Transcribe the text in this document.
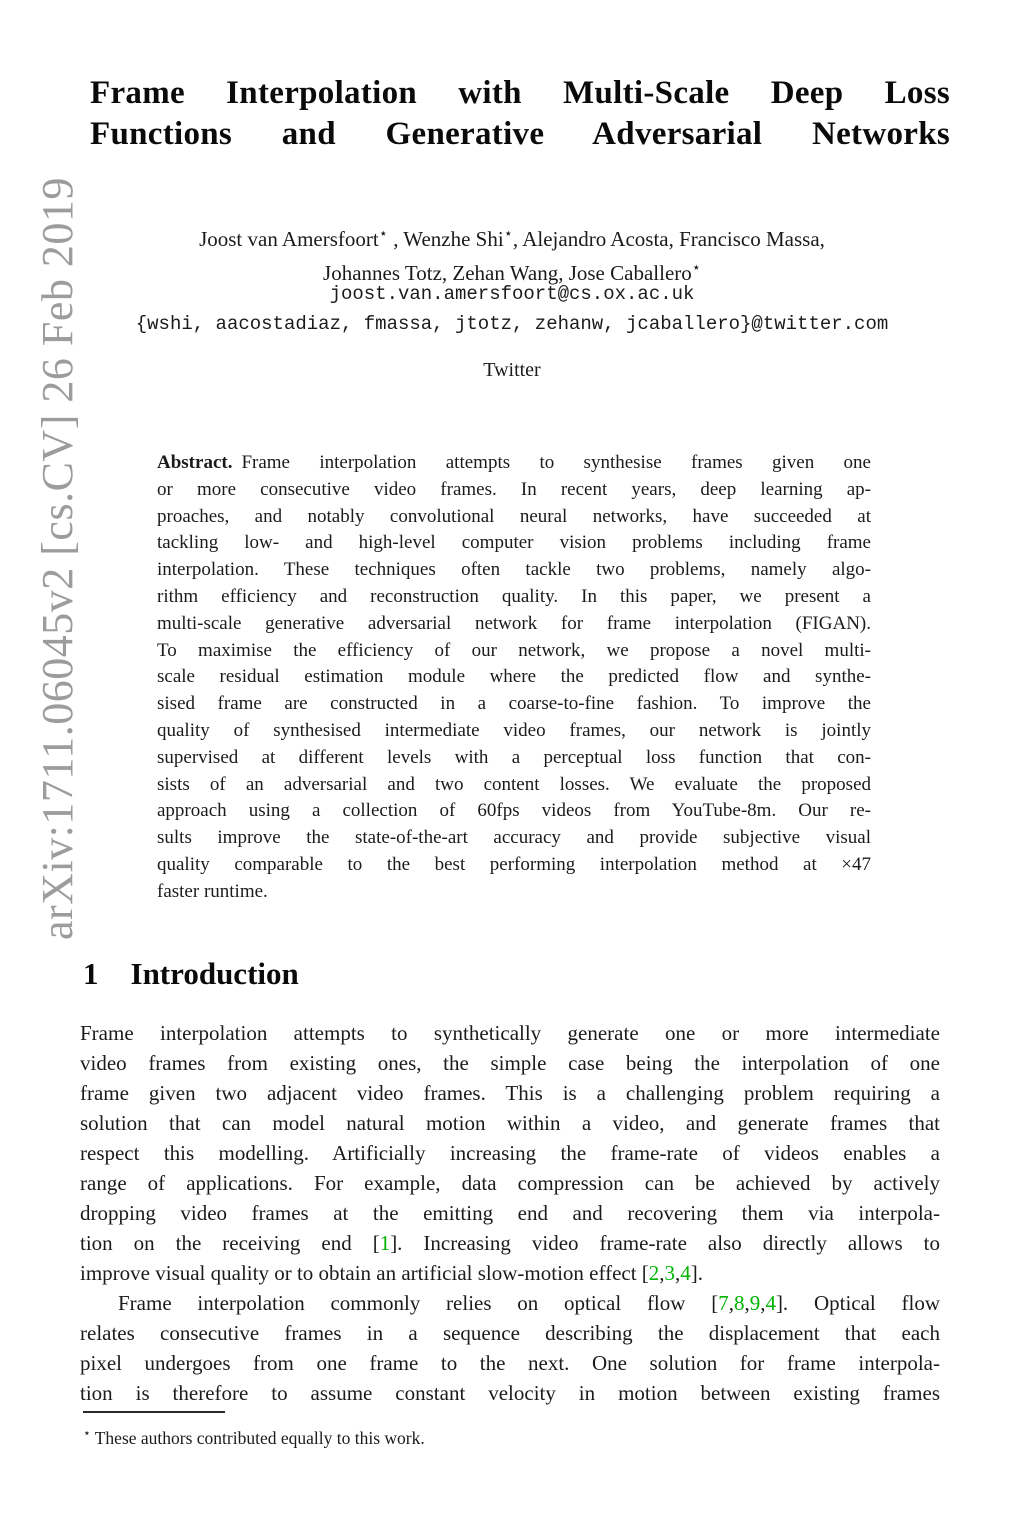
arXiv:1711.06045v2 [cs.CV] 26 Feb 2019
Frame Interpolation with Multi-Scale Deep Loss
Functions and Generative Adversarial Networks
Joost van Amersfoort⋆ , Wenzhe Shi⋆, Alejandro Acosta, Francisco Massa,
Johannes Totz, Zehan Wang, Jose Caballero⋆
joost.van.amersfoort@cs.ox.ac.uk
{wshi, aacostadiaz, fmassa, jtotz, zehanw, jcaballero}@twitter.com
Twitter
Abstract. Frame interpolation attempts to synthesise frames given one
or more consecutive video frames. In recent years, deep learning ap-
proaches, and notably convolutional neural networks, have succeeded at
tackling low- and high-level computer vision problems including frame
interpolation. These techniques often tackle two problems, namely algo-
rithm efficiency and reconstruction quality. In this paper, we present a
multi-scale generative adversarial network for frame interpolation (FIGAN).
To maximise the efficiency of our network, we propose a novel multi-
scale residual estimation module where the predicted flow and synthe-
sised frame are constructed in a coarse-to-fine fashion. To improve the
quality of synthesised intermediate video frames, our network is jointly
supervised at different levels with a perceptual loss function that con-
sists of an adversarial and two content losses. We evaluate the proposed
approach using a collection of 60fps videos from YouTube-8m. Our re-
sults improve the state-of-the-art accuracy and provide subjective visual
quality comparable to the best performing interpolation method at ×47
faster runtime.
1 Introduction
Frame interpolation attempts to synthetically generate one or more intermediate
video frames from existing ones, the simple case being the interpolation of one
frame given two adjacent video frames. This is a challenging problem requiring a
solution that can model natural motion within a video, and generate frames that
respect this modelling. Artificially increasing the frame-rate of videos enables a
range of applications. For example, data compression can be achieved by actively
dropping video frames at the emitting end and recovering them via interpola-
tion on the receiving end [1]. Increasing video frame-rate also directly allows to
improve visual quality or to obtain an artificial slow-motion effect [2,3,4].
Frame interpolation commonly relies on optical flow [7,8,9,4]. Optical flow
relates consecutive frames in a sequence describing the displacement that each
pixel undergoes from one frame to the next. One solution for frame interpola-
tion is therefore to assume constant velocity in motion between existing frames
⋆ These authors contributed equally to this work.
